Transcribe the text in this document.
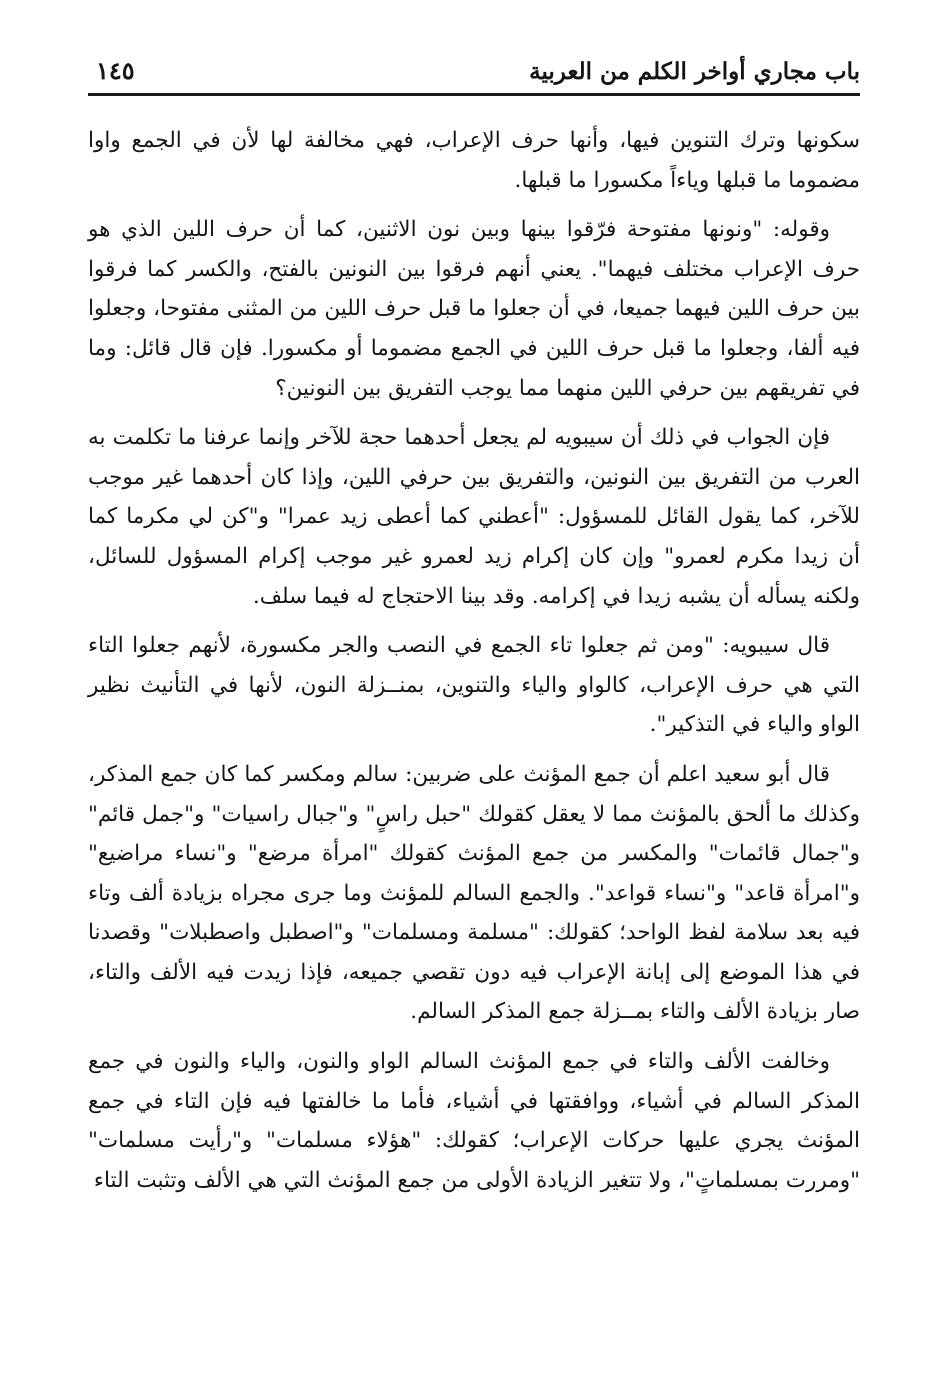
باب مجاري أواخر الكلم من العربية
١٤٥

سكونها وترك التنوين فيها، وأنها حرف الإعراب، فهي مخالفة لها لأن في الجمع واوا مضموما ما قبلها وياءاً مكسورا ما قبلها.

وقوله: "ونونها مفتوحة فرّقوا بينها وبين نون الاثنين، كما أن حرف اللين الذي هو حرف الإعراب مختلف فيهما". يعني أنهم فرقوا بين النونين بالفتح، والكسر كما فرقوا بين حرف اللين فيهما جميعا، في أن جعلوا ما قبل حرف اللين من المثنى مفتوحا، وجعلوا فيه ألفا، وجعلوا ما قبل حرف اللين في الجمع مضموما أو مكسورا. فإن قال قائل: وما في تفريقهم بين حرفي اللين منهما مما يوجب التفريق بين النونين؟

فإن الجواب في ذلك أن سيبويه لم يجعل أحدهما حجة للآخر وإنما عرفنا ما تكلمت به العرب من التفريق بين النونين، والتفريق بين حرفي اللين، وإذا كان أحدهما غير موجب للآخر، كما يقول القائل للمسؤول: "أعطني كما أعطى زيد عمرا" و"كن لي مكرما كما أن زيدا مكرم لعمرو" وإن كان إكرام زيد لعمرو غير موجب إكرام المسؤول للسائل، ولكنه يسأله أن يشبه زيدا في إكرامه. وقد بينا الاحتجاج له فيما سلف.

قال سيبويه: "ومن ثم جعلوا تاء الجمع في النصب والجر مكسورة، لأنهم جعلوا التاء التي هي حرف الإعراب، كالواو والياء والتنوين، بمنــزلة النون، لأنها في التأنيث نظير الواو والياء في التذكير".

قال أبو سعيد اعلم أن جمع المؤنث على ضربين: سالم ومكسر كما كان جمع المذكر، وكذلك ما ألحق بالمؤنث مما لا يعقل كقولك "حبل راسٍ" و"جبال راسيات" و"جمل قائم" و"جمال قائمات" والمكسر من جمع المؤنث كقولك "امرأة مرضع" و"نساء مراضيع" و"امرأة قاعد" و"نساء قواعد". والجمع السالم للمؤنث وما جرى مجراه بزيادة ألف وتاء فيه بعد سلامة لفظ الواحد؛ كقولك: "مسلمة ومسلمات" و"اصطبل واصطبلات" وقصدنا في هذا الموضع إلى إبانة الإعراب فيه دون تقصي جميعه، فإذا زيدت فيه الألف والتاء، صار بزيادة الألف والتاء بمــزلة جمع المذكر السالم.

وخالفت الألف والتاء في جمع المؤنث السالم الواو والنون، والياء والنون في جمع المذكر السالم في أشياء، ووافقتها في أشياء، فأما ما خالفتها فيه فإن التاء في جمع المؤنث يجري عليها حركات الإعراب؛ كقولك: "هؤلاء مسلمات" و"رأيت مسلمات" "ومررت بمسلماتٍ"، ولا تتغير الزيادة الأولى من جمع المؤنث التي هي الألف وتثبت التاء
